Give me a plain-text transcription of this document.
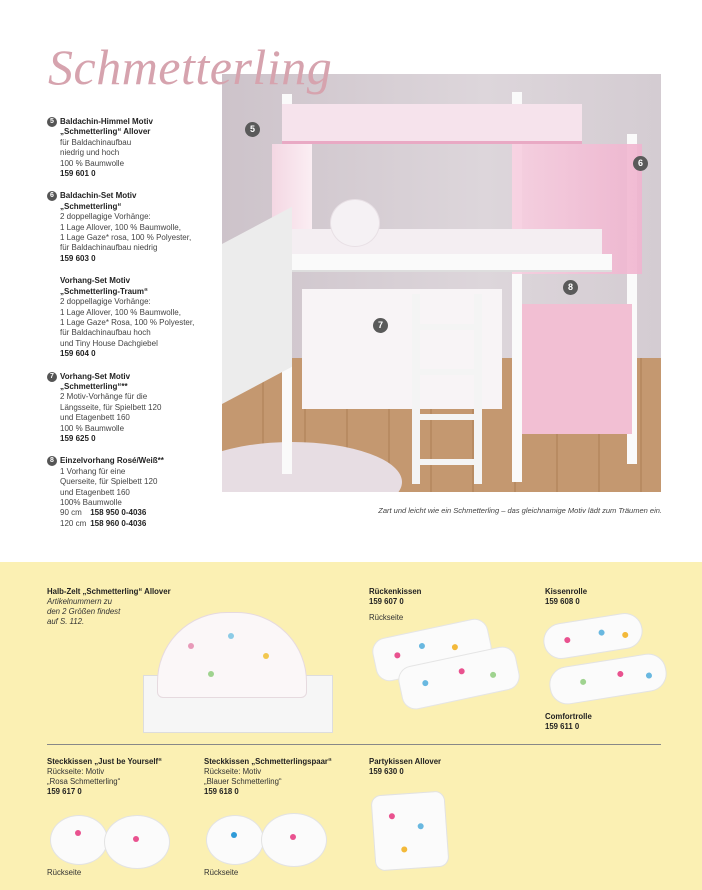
Schmetterling
5 Baldachin-Himmel Motiv
„Schmetterling“ Allover
für Baldachinaufbau
niedrig und hoch
100 % Baumwolle
159 601 0
6 Baldachin-Set Motiv
„Schmetterling“
2 doppellagige Vorhänge:
1 Lage Allover, 100 % Baumwolle,
1 Lage Gaze* rosa, 100 % Polyester,
für Baldachinaufbau niedrig
159 603 0
Vorhang-Set Motiv
„Schmetterling-Traum“
2 doppellagige Vorhänge:
1 Lage Allover, 100 % Baumwolle,
1 Lage Gaze* Rosa, 100 % Polyester,
für Baldachinaufbau hoch
und Tiny House Dachgiebel
159 604 0
7 Vorhang-Set Motiv
„Schmetterling“**
2 Motiv-Vorhänge für die
Längsseite, für Spielbett 120
und Etagenbett 160
100 % Baumwolle
159 625 0
8 Einzelvorhang Rosé/Weiß**
1 Vorhang für eine
Querseite, für Spielbett 120
und Etagenbett 160
100% Baumwolle
90 cm 158 950 0-4036
120 cm 158 960 0-4036
5
6
7
8
Zart und leicht wie ein Schmetterling – das gleichnamige Motiv lädt zum Träumen ein.
Halb-Zelt „Schmetterling“ Allover
Artikelnummern zu
den 2 Größen findest
auf S. 112.
Rückenkissen
159 607 0
Rückseite
Kissenrolle
159 608 0
Comfortrolle
159 611 0
Steckkissen „Just be Yourself“
Rückseite: Motiv
„Rosa Schmetterling“
159 617 0
Rückseite
Steckkissen „Schmetterlingspaar“
Rückseite: Motiv
„Blauer Schmetterling“
159 618 0
Rückseite
Partykissen Allover
159 630 0
